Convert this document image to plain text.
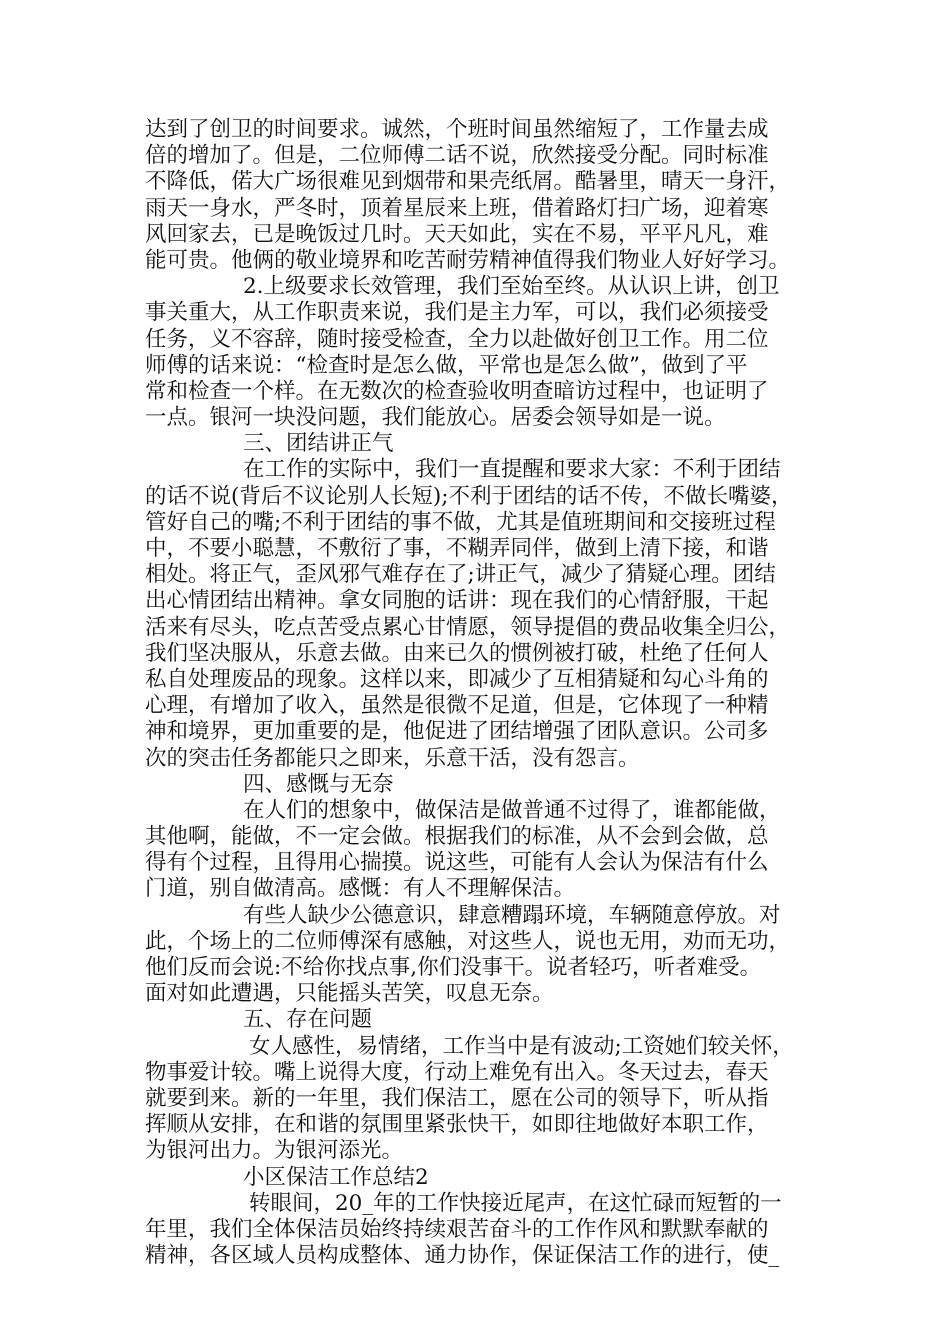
达到了创卫的时间要求。诚然，个班时间虽然缩短了，工作量去成
倍的增加了。但是，二位师傅二话不说，欣然接受分配。同时标准
不降低，偌大广场很难见到烟带和果壳纸屑。酷暑里，晴天一身汗，
雨天一身水，严冬时，顶着星辰来上班，借着路灯扫广场，迎着寒
风回家去，已是晚饭过几时。天天如此，实在不易，平平凡凡，难
能可贵。他俩的敬业境界和吃苦耐劳精神值得我们物业人好好学习。
2.上级要求长效管理，我们至始至终。从认识上讲，创卫
事关重大，从工作职责来说，我们是主力军，可以，我们必须接受
任务，义不容辞，随时接受检查，全力以赴做好创卫工作。用二位
师傅的话来说：“检查时是怎么做，平常也是怎么做”，做到了平
常和检查一个样。在无数次的检查验收明查暗访过程中，也证明了
一点。银河一块没问题，我们能放心。居委会领导如是一说。
三、团结讲正气
在工作的实际中，我们一直提醒和要求大家：不利于团结
的话不说(背后不议论别人长短);不利于团结的话不传，不做长嘴婆，
管好自己的嘴;不利于团结的事不做，尤其是值班期间和交接班过程
中，不要小聪慧，不敷衍了事，不糊弄同伴，做到上清下接，和谐
相处。将正气，歪风邪气难存在了;讲正气，减少了猜疑心理。团结
出心情团结出精神。拿女同胞的话讲：现在我们的心情舒服，干起
活来有尽头，吃点苦受点累心甘情愿，领导提倡的费品收集全归公，
我们坚决服从，乐意去做。由来已久的惯例被打破，杜绝了任何人
私自处理废品的现象。这样以来，即减少了互相猜疑和勾心斗角的
心理，有增加了收入，虽然是很微不足道，但是，它体现了一种精
神和境界，更加重要的是，他促进了团结增强了团队意识。公司多
次的突击任务都能只之即来，乐意干活，没有怨言。
四、感慨与无奈
在人们的想象中，做保洁是做普通不过得了，谁都能做，
其他啊，能做，不一定会做。根据我们的标准，从不会到会做，总
得有个过程，且得用心揣摸。说这些，可能有人会认为保洁有什么
门道，别自做清高。感慨：有人不理解保洁。
有些人缺少公德意识，肆意糟蹋环境，车辆随意停放。对
此，个场上的二位师傅深有感触，对这些人，说也无用，劝而无功，
他们反而会说:不给你找点事,你们没事干。说者轻巧，听者难受。
面对如此遭遇，只能摇头苦笑，叹息无奈。
五、存在问题
女人感性，易情绪，工作当中是有波动;工资她们较关怀，
物事爱计较。嘴上说得大度，行动上难免有出入。冬天过去，春天
就要到来。新的一年里，我们保洁工，愿在公司的领导下，听从指
挥顺从安排，在和谐的氛围里紧张快干，如即往地做好本职工作，
为银河出力。为银河添光。
小区保洁工作总结2
转眼间，20_年的工作快接近尾声，在这忙碌而短暂的一
年里，我们全体保洁员始终持续艰苦奋斗的工作作风和默默奉献的
精神，各区域人员构成整体、通力协作，保证保洁工作的进行，使_
